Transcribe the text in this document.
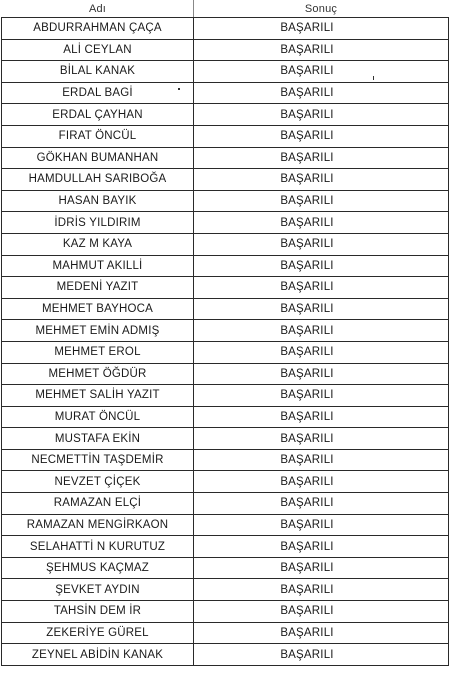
Adı	Sonuç
ABDURRAHMAN ÇAÇA	BAŞARILI
ALİ CEYLAN	BAŞARILI
BİLAL KANAK	BAŞARILI
ERDAL BAGİ	BAŞARILI
ERDAL ÇAYHAN	BAŞARILI
FIRAT ÖNCÜL	BAŞARILI
GÖKHAN BUMANHAN	BAŞARILI
HAMDULLAH SARIBOĞA	BAŞARILI
HASAN BAYIK	BAŞARILI
İDRİS YILDIRIM	BAŞARILI
KAZ M KAYA	BAŞARILI
MAHMUT AKILLİ	BAŞARILI
MEDENİ YAZIT	BAŞARILI
MEHMET BAYHOCA	BAŞARILI
MEHMET EMİN ADMIŞ	BAŞARILI
MEHMET EROL	BAŞARILI
MEHMET ÖĞDÜR	BAŞARILI
MEHMET SALİH YAZIT	BAŞARILI
MURAT ÖNCÜL	BAŞARILI
MUSTAFA EKİN	BAŞARILI
NECMETTİN TAŞDEMİR	BAŞARILI
NEVZET ÇİÇEK	BAŞARILI
RAMAZAN ELÇİ	BAŞARILI
RAMAZAN MENGİRKAON	BAŞARILI
SELAHATTİ N KURUTUZ	BAŞARILI
ŞEHMUS KAÇMAZ	BAŞARILI
ŞEVKET AYDIN	BAŞARILI
TAHSİN DEM İR	BAŞARILI
ZEKERİYE GÜREL	BAŞARILI
ZEYNEL ABİDİN KANAK	BAŞARILI
